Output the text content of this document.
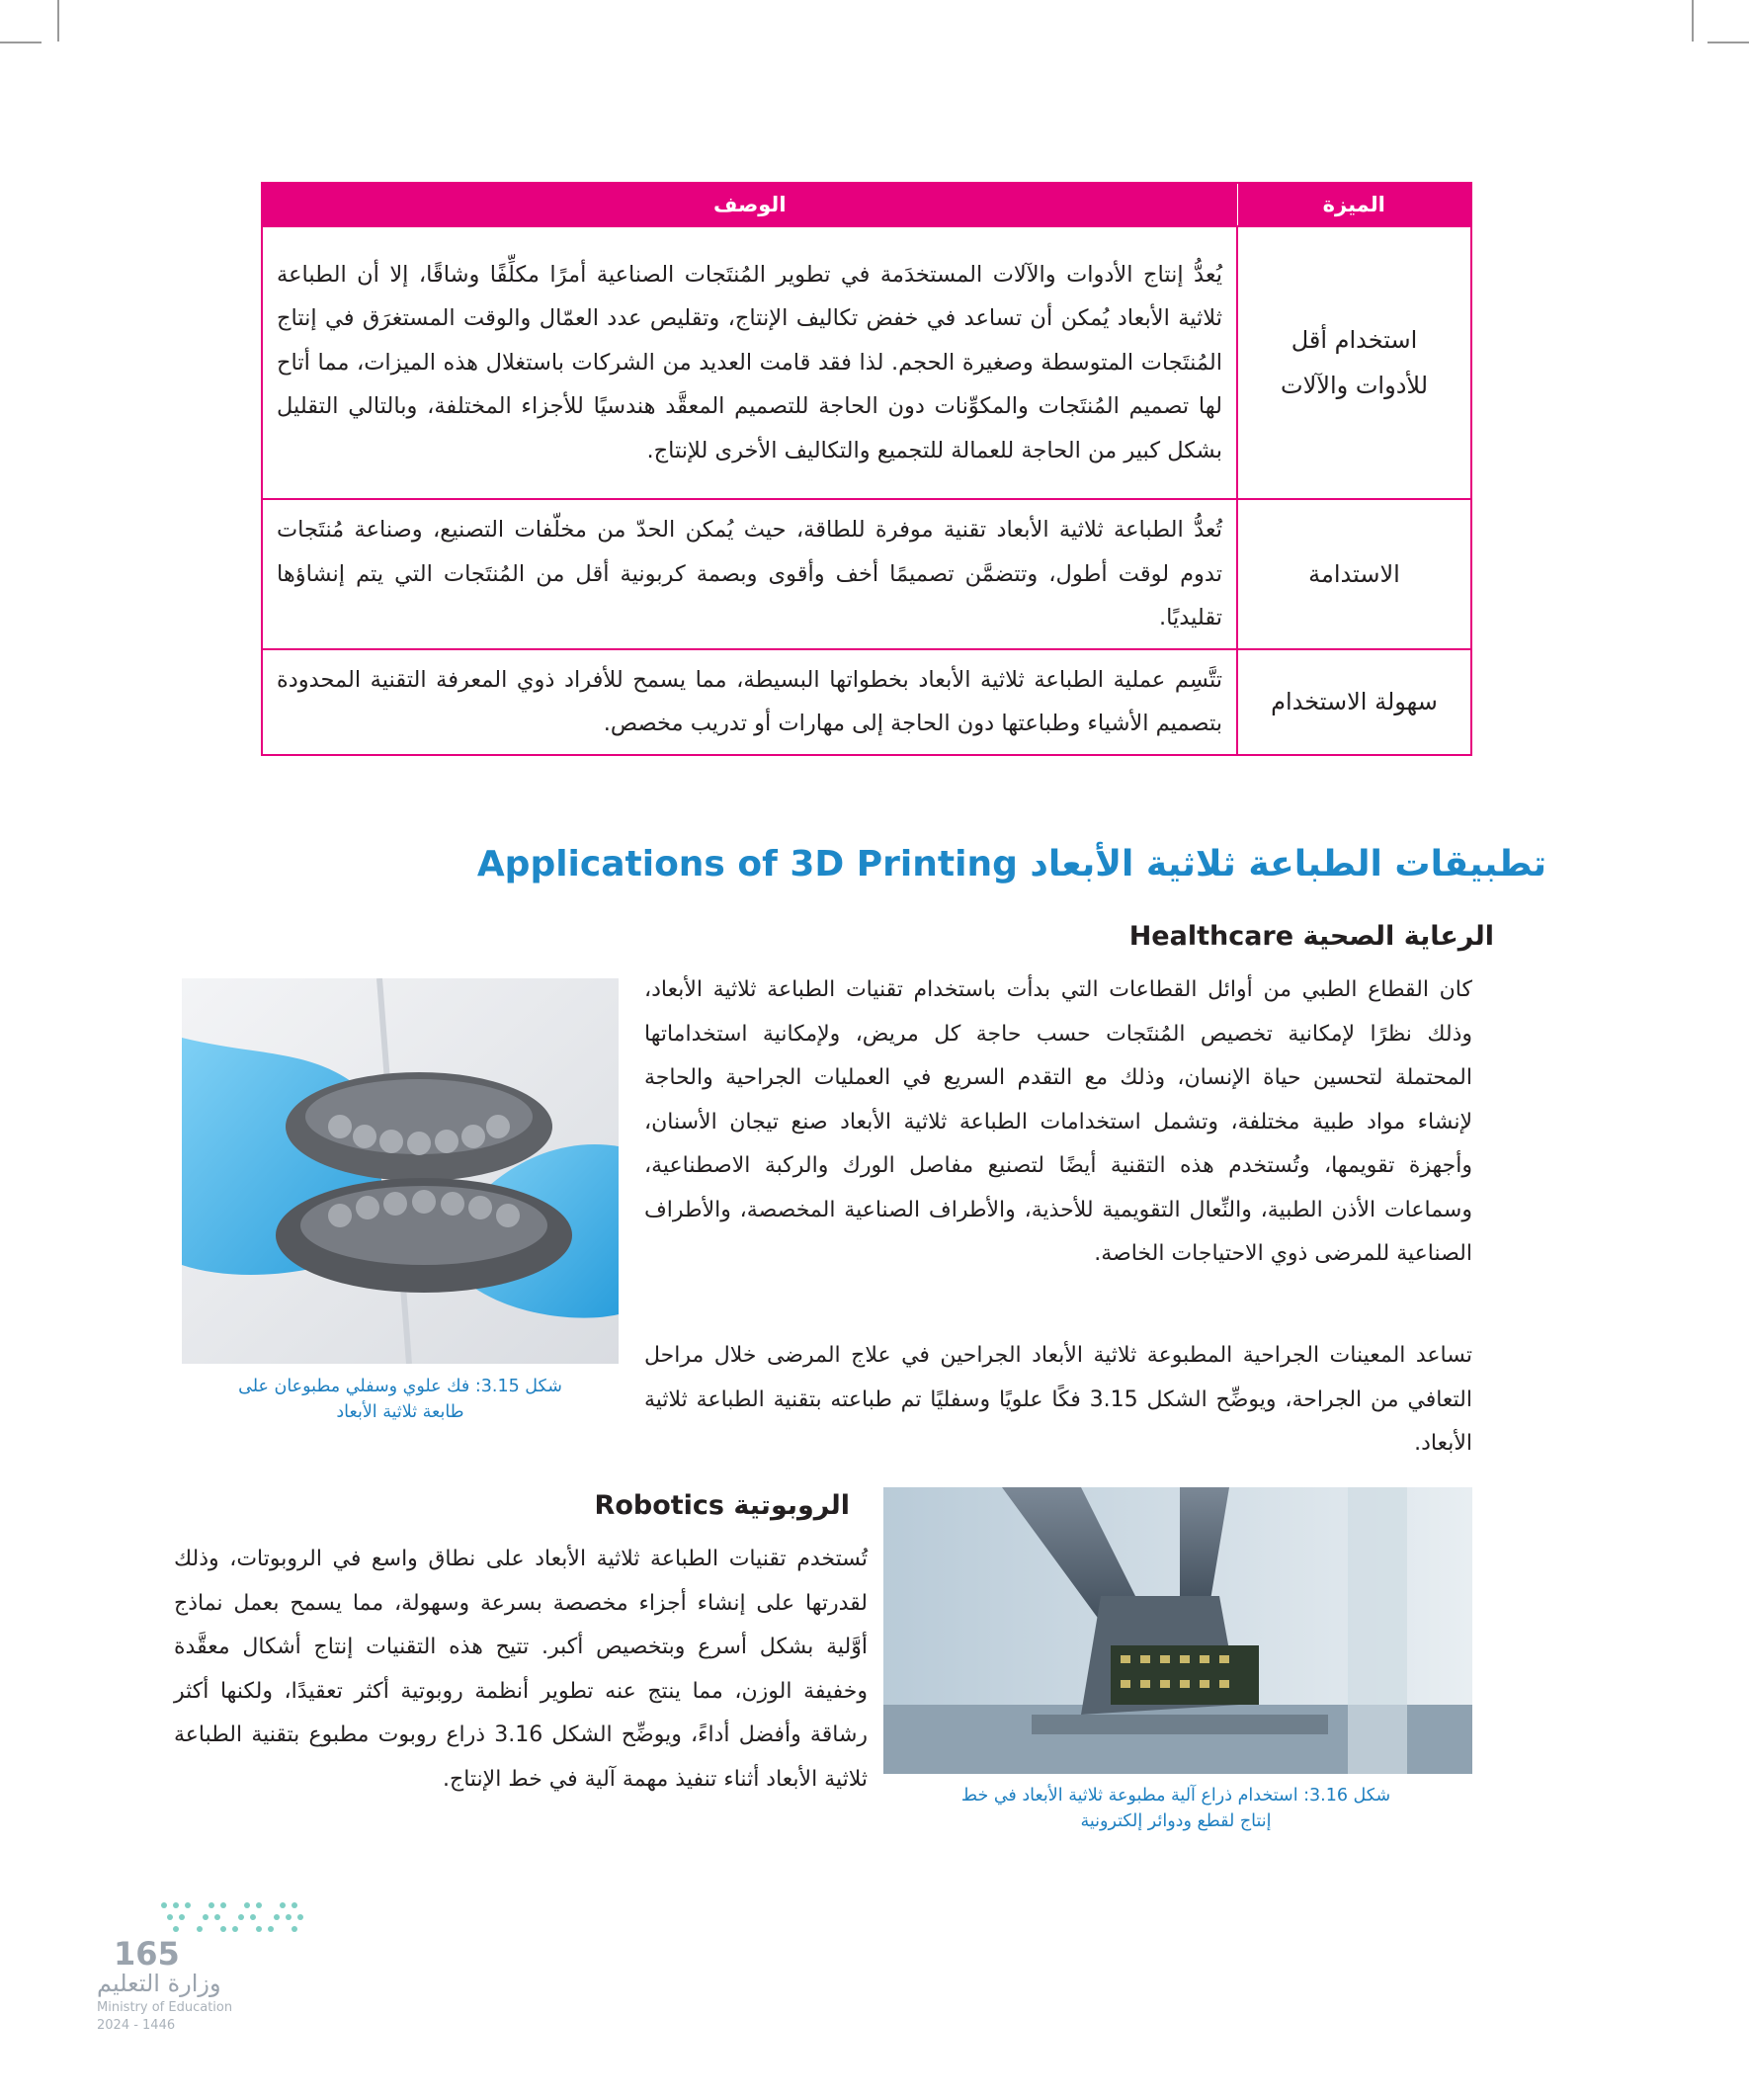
الميزة	الوصف
استخدام أقل للأدوات والآلات	يُعدُّ إنتاج الأدوات والآلات المستخدَمة في تطوير المُنتَجات الصناعية أمرًا مكلِّفًا وشاقًا، إلا أن الطباعة ثلاثية الأبعاد يُمكن أن تساعد في خفض تكاليف الإنتاج، وتقليص عدد العمّال والوقت المستغرَق في إنتاج المُنتَجات المتوسطة وصغيرة الحجم. لذا فقد قامت العديد من الشركات باستغلال هذه الميزات، مما أتاح لها تصميم المُنتَجات والمكوِّنات دون الحاجة للتصميم المعقَّد هندسيًا للأجزاء المختلفة، وبالتالي التقليل بشكل كبير من الحاجة للعمالة للتجميع والتكاليف الأخرى للإنتاج.
الاستدامة	تُعدُّ الطباعة ثلاثية الأبعاد تقنية موفرة للطاقة، حيث يُمكن الحدّ من مخلّفات التصنيع، وصناعة مُنتَجات تدوم لوقت أطول، وتتضمَّن تصميمًا أخف وأقوى وبصمة كربونية أقل من المُنتَجات التي يتم إنشاؤها تقليديًا.
سهولة الاستخدام	تتَّسِم عملية الطباعة ثلاثية الأبعاد بخطواتها البسيطة، مما يسمح للأفراد ذوي المعرفة التقنية المحدودة بتصميم الأشياء وطباعتها دون الحاجة إلى مهارات أو تدريب مخصص.
تطبيقات الطباعة ثلاثية الأبعاد Applications of 3D Printing
الرعاية الصحية Healthcare

كان القطاع الطبي من أوائل القطاعات التي بدأت باستخدام تقنيات الطباعة ثلاثية الأبعاد، وذلك نظرًا لإمكانية تخصيص المُنتَجات حسب حاجة كل مريض، ولإمكانية استخداماتها المحتملة لتحسين حياة الإنسان، وذلك مع التقدم السريع في العمليات الجراحية والحاجة لإنشاء مواد طبية مختلفة، وتشمل استخدامات الطباعة ثلاثية الأبعاد صنع تيجان الأسنان، وأجهزة تقويمها، وتُستخدم هذه التقنية أيضًا لتصنيع مفاصل الورك والركبة الاصطناعية، وسماعات الأذن الطبية، والنِّعال التقويمية للأحذية، والأطراف الصناعية المخصصة، والأطراف الصناعية للمرضى ذوي الاحتياجات الخاصة.

تساعد المعينات الجراحية المطبوعة ثلاثية الأبعاد الجراحين في علاج المرضى خلال مراحل التعافي من الجراحة، ويوضِّح الشكل 3.15 فكًا علويًا وسفليًا تم طباعته بتقنية الطباعة ثلاثية الأبعاد.

شكل 3.15: فك علوي وسفلي مطبوعان على طابعة ثلاثية الأبعاد
الروبوتية Robotics

تُستخدم تقنيات الطباعة ثلاثية الأبعاد على نطاق واسع في الروبوتات، وذلك لقدرتها على إنشاء أجزاء مخصصة بسرعة وسهولة، مما يسمح بعمل نماذج أوَّلية بشكل أسرع وبتخصيص أكبر. تتيح هذه التقنيات إنتاج أشكال معقَّدة وخفيفة الوزن، مما ينتج عنه تطوير أنظمة روبوتية أكثر تعقيدًا، ولكنها أكثر رشاقة وأفضل أداءً، ويوضِّح الشكل 3.16 ذراع روبوت مطبوع بتقنية الطباعة ثلاثية الأبعاد أثناء تنفيذ مهمة آلية في خط الإنتاج.

شكل 3.16: استخدام ذراع آلية مطبوعة ثلاثية الأبعاد في خط إنتاج لقطع ودوائر إلكترونية
165
وزارة التعليم
Ministry of Education
2024 - 1446
